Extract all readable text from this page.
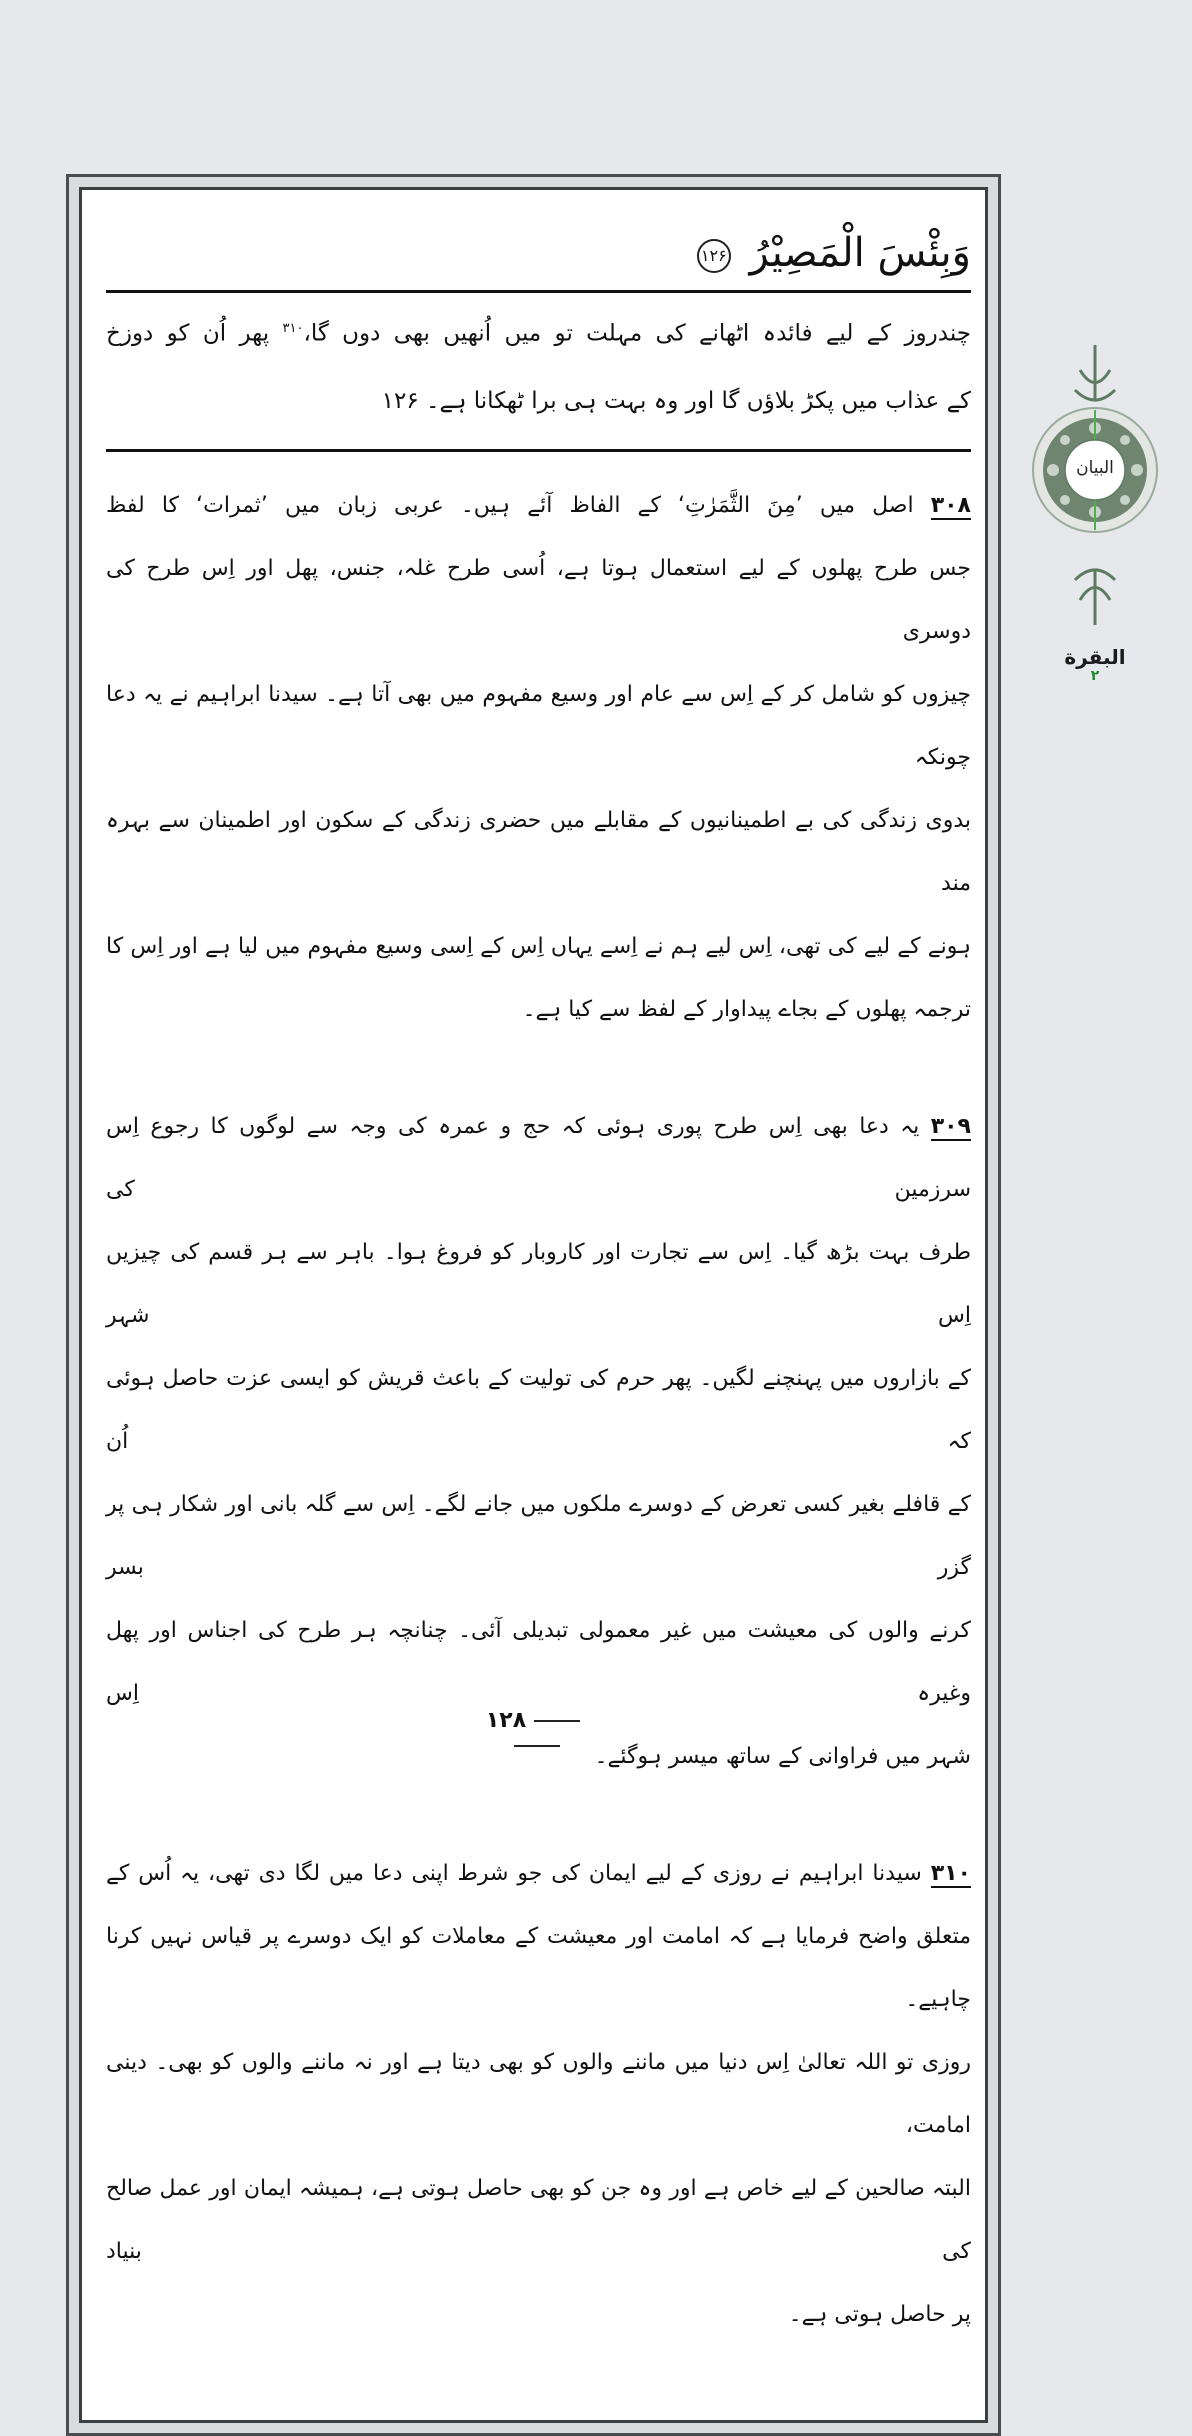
وَبِئْسَ الْمَصِيْرُ ۱۲۶
چندروز کے لیے فائدہ اٹھانے کی مہلت تو میں اُنھیں بھی دوں گا،$^{۳۱۰}$ پھر اُن کو دوزخ
کے عذاب میں پکڑ بلاؤں گا اور وہ بہت ہی برا ٹھکانا ہے۔ ۱۲۶
۳۰۸ اصل میں ’مِنَ الثَّمَرٰتِ‘ کے الفاظ آئے ہیں۔ عربی زبان میں ’ثمرات‘ کا لفظ
جس طرح پھلوں کے لیے استعمال ہوتا ہے، اُسی طرح غلہ، جنس، پھل اور اِس طرح کی دوسری
چیزوں کو شامل کر کے اِس سے عام اور وسیع مفہوم میں بھی آتا ہے۔ سیدنا ابراہیم نے یہ دعا چونکہ
بدوی زندگی کی بے اطمینانیوں کے مقابلے میں حضری زندگی کے سکون اور اطمینان سے بہرہ مند
ہونے کے لیے کی تھی، اِس لیے ہم نے اِسے یہاں اِس کے اِسی وسیع مفہوم میں لیا ہے اور اِس کا
ترجمہ پھلوں کے بجاے پیداوار کے لفظ سے کیا ہے۔
۳۰۹ یہ دعا بھی اِس طرح پوری ہوئی کہ حج و عمرہ کی وجہ سے لوگوں کا رجوع اِس سرزمین کی
طرف بہت بڑھ گیا۔ اِس سے تجارت اور کاروبار کو فروغ ہوا۔ باہر سے ہر قسم کی چیزیں اِس شہر
کے بازاروں میں پہنچنے لگیں۔ پھر حرم کی تولیت کے باعث قریش کو ایسی عزت حاصل ہوئی کہ اُن
کے قافلے بغیر کسی تعرض کے دوسرے ملکوں میں جانے لگے۔ اِس سے گلہ بانی اور شکار ہی پر گزر بسر
کرنے والوں کی معیشت میں غیر معمولی تبدیلی آئی۔ چنانچہ ہر طرح کی اجناس اور پھل وغیرہ اِس
شہر میں فراوانی کے ساتھ میسر ہوگئے۔
۳۱۰ سیدنا ابراہیم نے روزی کے لیے ایمان کی جو شرط اپنی دعا میں لگا دی تھی، یہ اُس کے
متعلق واضح فرمایا ہے کہ امامت اور معیشت کے معاملات کو ایک دوسرے پر قیاس نہیں کرنا چاہیے۔
روزی تو اللہ تعالیٰ اِس دنیا میں ماننے والوں کو بھی دیتا ہے اور نہ ماننے والوں کو بھی۔ دینی امامت،
البتہ صالحین کے لیے خاص ہے اور وہ جن کو بھی حاصل ہوتی ہے، ہمیشہ ایمان اور عمل صالح کی بنیاد
پر حاصل ہوتی ہے۔
۱۲۸
البیان
البقرة
۲
